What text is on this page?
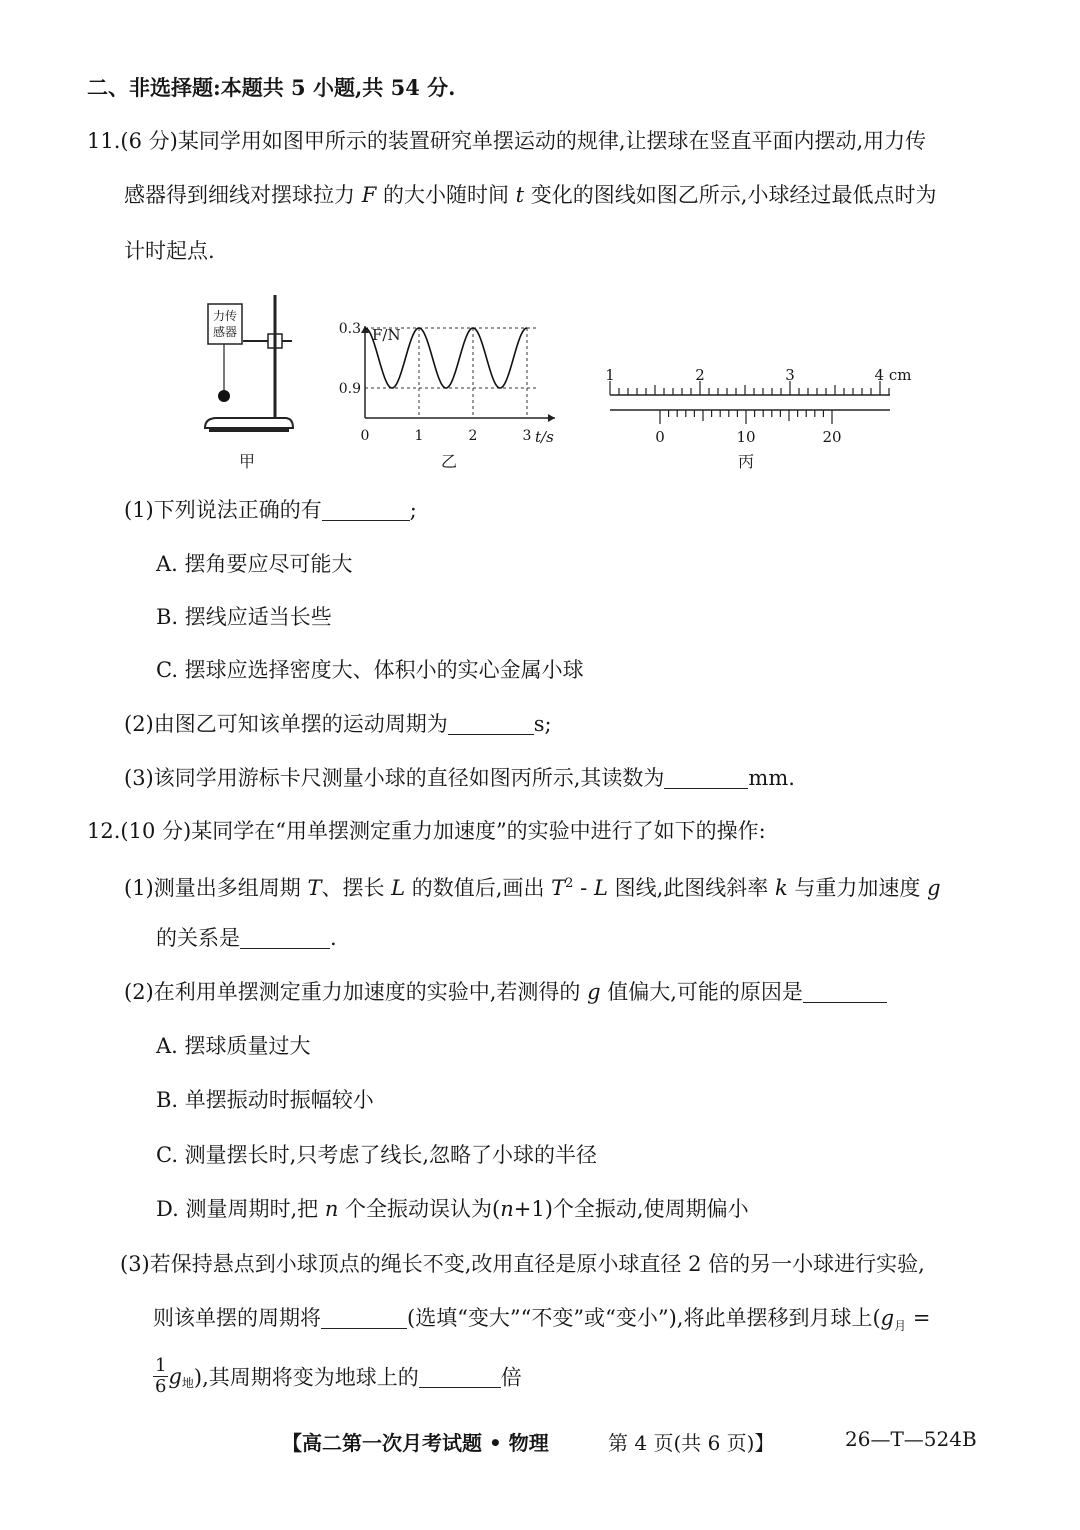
二、非选择题:本题共 5 小题,共 54 分.
11.(6 分)某同学用如图甲所示的装置研究单摆运动的规律,让摆球在竖直平面内摆动,用力传
感器得到细线对摆球拉力 F 的大小随时间 t 变化的图线如图乙所示,小球经过最低点时为
计时起点.
力传
感器
甲
F/N
t/s
0.9
0.3
0	1	2	3
乙
1	2	3	4 cm
0	10	20
丙
(1)下列说法正确的有	;
A. 摆角要应尽可能大
B. 摆线应适当长些
C. 摆球应选择密度大、体积小的实心金属小球
(2)由图乙可知该单摆的运动周期为	s;
(3)该同学用游标卡尺测量小球的直径如图丙所示,其读数为	mm.
12.(10 分)某同学在“用单摆测定重力加速度”的实验中进行了如下的操作:
(1)测量出多组周期 T、摆长 L 的数值后,画出 $T^2$ - L 图线,此图线斜率 k 与重力加速度 g
的关系是	.
(2)在利用单摆测定重力加速度的实验中,若测得的 g 值偏大,可能的原因是
A. 摆球质量过大
B. 单摆振动时振幅较小
C. 测量摆长时,只考虑了线长,忽略了小球的半径
D. 测量周期时,把 n 个全振动误认为(n+1)个全振动,使周期偏小
(3)若保持悬点到小球顶点的绳长不变,改用直径是原小球直径 2 倍的另一小球进行实验,
则该单摆的周期将	(选填“变大”“不变”或“变小”),将此单摆移到月球上($g_月$ =
$\frac{1}{6} g_地$),其周期将变为地球上的	倍
【高二第一次月考试题 • 物理	第 4 页(共 6 页)】	26—T—524B
